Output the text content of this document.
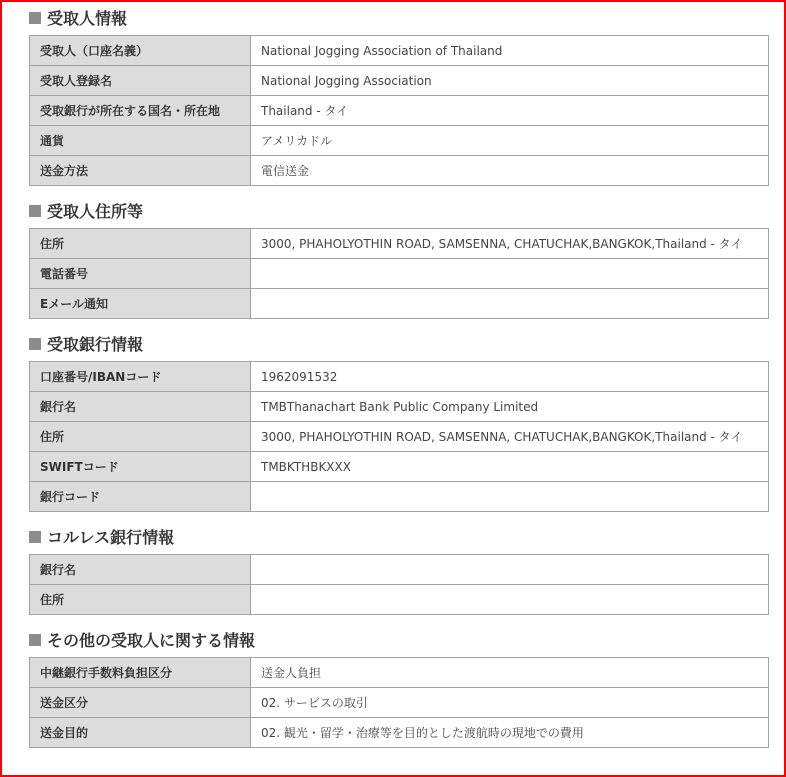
受取人情報
受取人（口座名義）	National Jogging Association of Thailand
受取人登録名	National Jogging Association
受取銀行が所在する国名・所在地	Thailand - タイ
通貨	アメリカドル
送金方法	電信送金
受取人住所等
住所	3000, PHAHOLYOTHIN ROAD, SAMSENNA, CHATUCHAK,BANGKOK,Thailand - タイ
電話番号	
Eメール通知	
受取銀行情報
口座番号/IBANコード	1962091532
銀行名	TMBThanachart Bank Public Company Limited
住所	3000, PHAHOLYOTHIN ROAD, SAMSENNA, CHATUCHAK,BANGKOK,Thailand - タイ
SWIFTコード	TMBKTHBKXXX
銀行コード	
コルレス銀行情報
銀行名	
住所	
その他の受取人に関する情報
中継銀行手数料負担区分	送金人負担
送金区分	02. サービスの取引
送金目的	02. 観光・留学・治療等を目的とした渡航時の現地での費用
